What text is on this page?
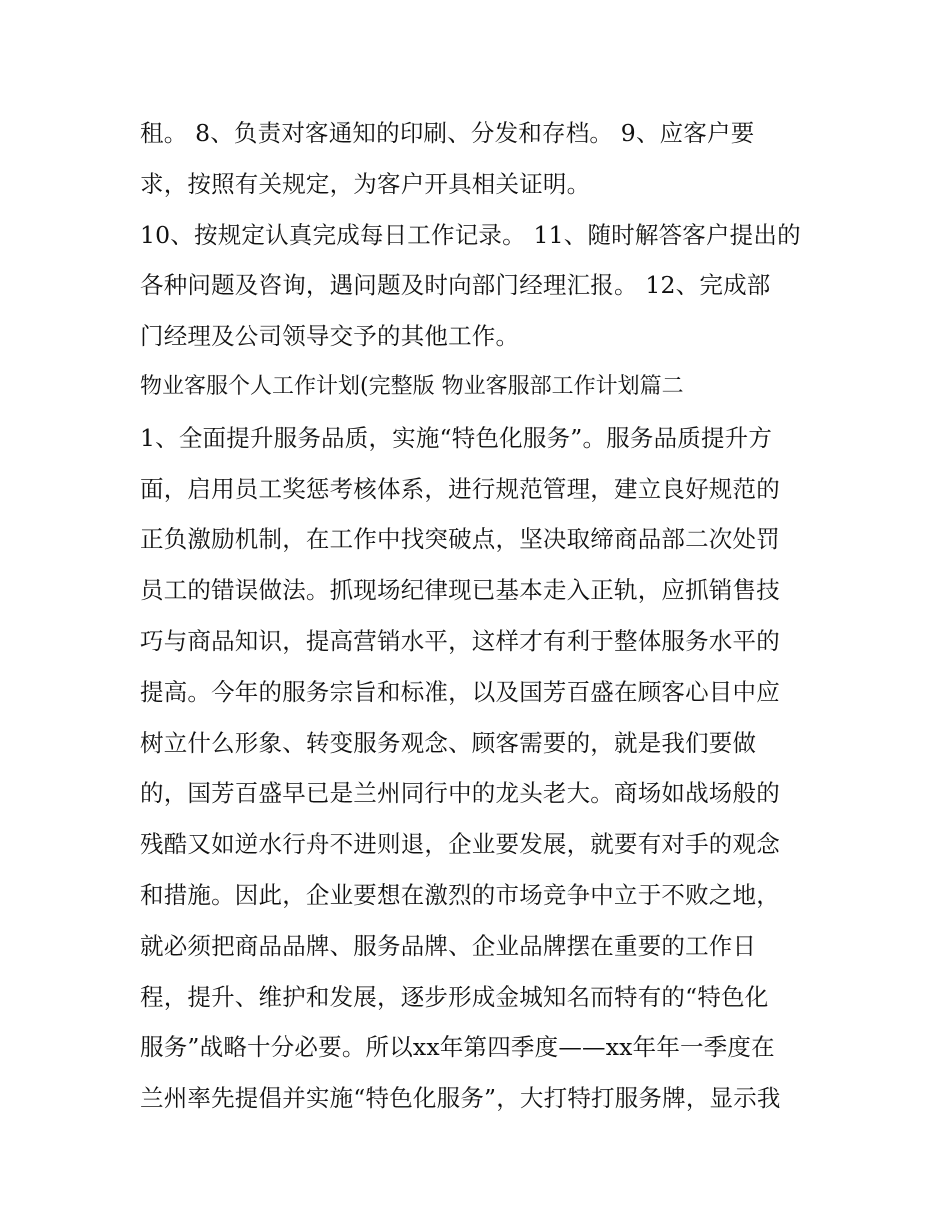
租。 8、负责对客通知的印刷、分发和存档。 9、应客户要
求，按照有关规定，为客户开具相关证明。
10、按规定认真完成每日工作记录。 11、随时解答客户提出的
各种问题及咨询，遇问题及时向部门经理汇报。 12、完成部
门经理及公司领导交予的其他工作。
物业客服个人工作计划(完整版 物业客服部工作计划篇二
1、全面提升服务品质，实施“特色化服务”。服务品质提升方
面，启用员工奖惩考核体系，进行规范管理，建立良好规范的
正负激励机制，在工作中找突破点，坚决取缔商品部二次处罚
员工的错误做法。抓现场纪律现已基本走入正轨，应抓销售技
巧与商品知识，提高营销水平，这样才有利于整体服务水平的
提高。今年的服务宗旨和标准，以及国芳百盛在顾客心目中应
树立什么形象、转变服务观念、顾客需要的，就是我们要做
的，国芳百盛早已是兰州同行中的龙头老大。商场如战场般的
残酷又如逆水行舟不进则退，企业要发展，就要有对手的观念
和措施。因此，企业要想在激烈的市场竞争中立于不败之地，
就必须把商品品牌、服务品牌、企业品牌摆在重要的工作日
程，提升、维护和发展，逐步形成金城知名而特有的“特色化
服务”战略十分必要。所以xx年第四季度——xx年年一季度在
兰州率先提倡并实施“特色化服务”，大打特打服务牌，显示我
